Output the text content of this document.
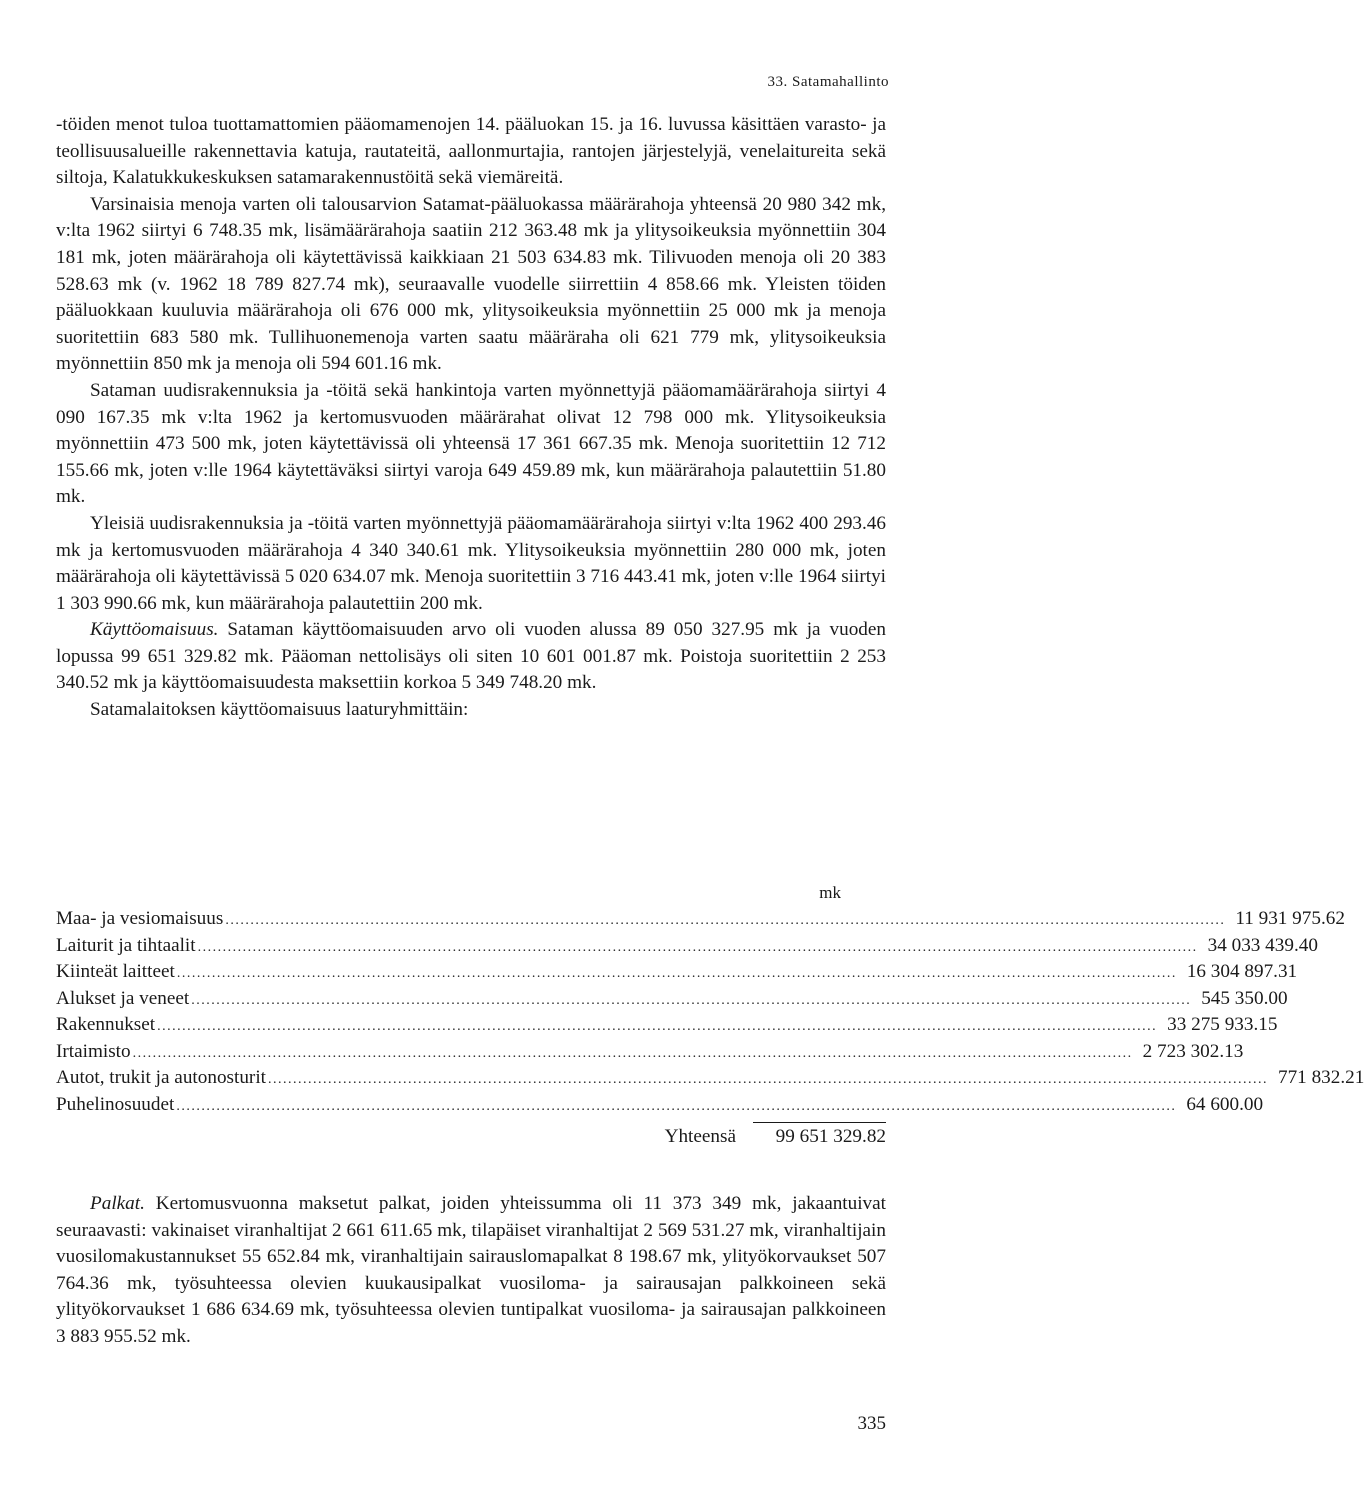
33. Satamahallinto

-töiden menot tuloa tuottamattomien pääomamenojen 14. pääluokan 15. ja 16. luvussa käsittäen varasto- ja teollisuusalueille rakennettavia katuja, rautateitä, aallonmurtajia, rantojen järjestelyjä, venelaitureita sekä siltoja, Kalatukkukeskuksen satamarakennustöitä sekä viemäreitä.

Varsinaisia menoja varten oli talousarvion Satamat-pääluokassa määrärahoja yhteensä 20 980 342 mk, v:lta 1962 siirtyi 6 748.35 mk, lisämäärärahoja saatiin 212 363.48 mk ja ylitysoikeuksia myönnettiin 304 181 mk, joten määrärahoja oli käytettävissä kaikkiaan 21 503 634.83 mk. Tilivuoden menoja oli 20 383 528.63 mk (v. 1962 18 789 827.74 mk), seuraavalle vuodelle siirrettiin 4 858.66 mk. Yleisten töiden pääluokkaan kuuluvia määrärahoja oli 676 000 mk, ylitysoikeuksia myönnettiin 25 000 mk ja menoja suoritettiin 683 580 mk. Tullihuonemenoja varten saatu määräraha oli 621 779 mk, ylitysoikeuksia myönnettiin 850 mk ja menoja oli 594 601.16 mk.

Sataman uudisrakennuksia ja -töitä sekä hankintoja varten myönnettyjä pääomamäärärahoja siirtyi 4 090 167.35 mk v:lta 1962 ja kertomusvuoden määrärahat olivat 12 798 000 mk. Ylitysoikeuksia myönnettiin 473 500 mk, joten käytettävissä oli yhteensä 17 361 667.35 mk. Menoja suoritettiin 12 712 155.66 mk, joten v:lle 1964 käytettäväksi siirtyi varoja 649 459.89 mk, kun määrärahoja palautettiin 51.80 mk.

Yleisiä uudisrakennuksia ja -töitä varten myönnettyjä pääomamäärärahoja siirtyi v:lta 1962 400 293.46 mk ja kertomusvuoden määrärahoja 4 340 340.61 mk. Ylitysoikeuksia myönnettiin 280 000 mk, joten määrärahoja oli käytettävissä 5 020 634.07 mk. Menoja suoritettiin 3 716 443.41 mk, joten v:lle 1964 siirtyi 1 303 990.66 mk, kun määrärahoja palautettiin 200 mk.

Käyttöomaisuus. Sataman käyttöomaisuuden arvo oli vuoden alussa 89 050 327.95 mk ja vuoden lopussa 99 651 329.82 mk. Pääoman nettolisäys oli siten 10 601 001.87 mk. Poistoja suoritettiin 2 253 340.52 mk ja käyttöomaisuudesta maksettiin korkoa 5 349 748.20 mk.

Satamalaitoksen käyttöomaisuus laaturyhmittäin:

mk
Maa- ja vesiomaisuus ........................................................................................................................................................................................................ 11 931 975.62
Laiturit ja tihtaalit ........................................................................................................................................................................................................ 34 033 439.40
Kiinteät laitteet ........................................................................................................................................................................................................ 16 304 897.31
Alukset ja veneet ........................................................................................................................................................................................................ 545 350.00
Rakennukset ........................................................................................................................................................................................................ 33 275 933.15
Irtaimisto ........................................................................................................................................................................................................ 2 723 302.13
Autot, trukit ja autonosturit ........................................................................................................................................................................................................ 771 832.21
Puhelinosuudet ........................................................................................................................................................................................................ 64 600.00
Yhteensä	99 651 329.82

Palkat. Kertomusvuonna maksetut palkat, joiden yhteissumma oli 11 373 349 mk, jakaantuivat seuraavasti: vakinaiset viranhaltijat 2 661 611.65 mk, tilapäiset viranhaltijat 2 569 531.27 mk, viranhaltijain vuosilomakustannukset 55 652.84 mk, viranhaltijain sairauslomapalkat 8 198.67 mk, ylityökorvaukset 507 764.36 mk, työsuhteessa olevien kuukausipalkat vuosiloma- ja sairausajan palkkoineen sekä ylityökorvaukset 1 686 634.69 mk, työsuhteessa olevien tuntipalkat vuosiloma- ja sairausajan palkkoineen 3 883 955.52 mk.

335
